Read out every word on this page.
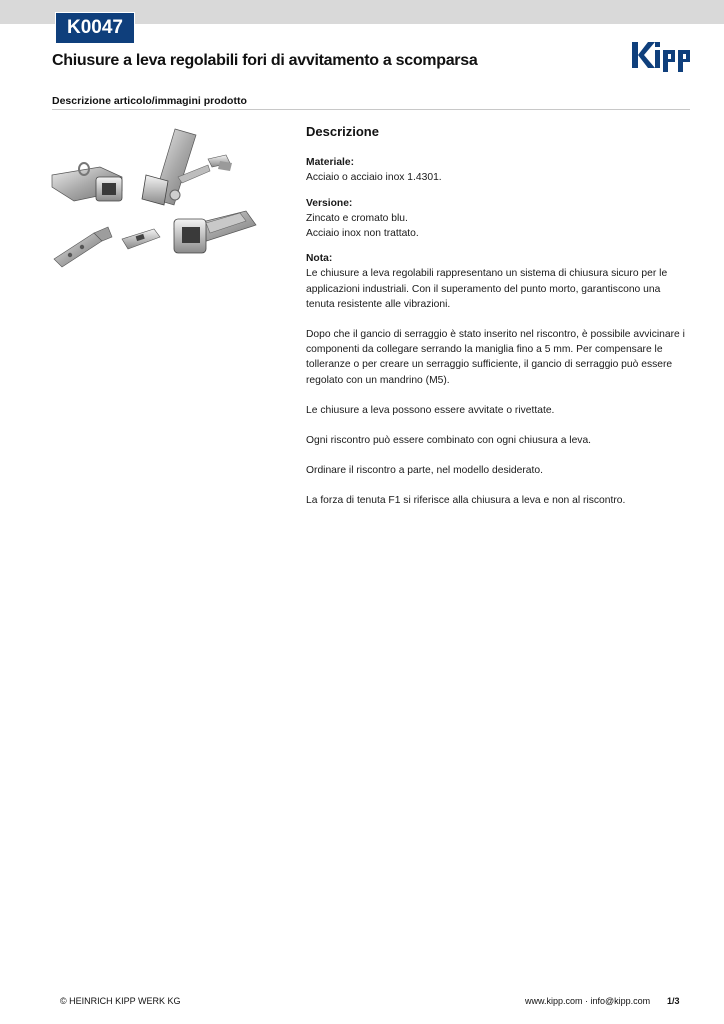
K0047
Chiusure a leva regolabili fori di avvitamento a scomparsa
Descrizione articolo/immagini prodotto
Descrizione
Materiale:

Acciaio o acciaio inox 1.4301.

Versione:

Zincato e cromato blu.

Acciaio inox non trattato.

Nota:

Le chiusure a leva regolabili rappresentano un sistema di chiusura sicuro per le applicazioni industriali. Con il superamento del punto morto, garantiscono una tenuta resistente alle vibrazioni.

Dopo che il gancio di serraggio è stato inserito nel riscontro, è possibile avvicinare i componenti da collegare serrando la maniglia fino a 5 mm. Per compensare le tolleranze o per creare un serraggio sufficiente, il gancio di serraggio può essere regolato con un mandrino (M5).

Le chiusure a leva possono essere avvitate o rivettate.

Ogni riscontro può essere combinato con ogni chiusura a leva.

Ordinare il riscontro a parte, nel modello desiderato.

La forza di tenuta F1 si riferisce alla chiusura a leva e non al riscontro.

© HEINRICH KIPP WERK KG	www.kipp.com · info@kipp.com 1/3
